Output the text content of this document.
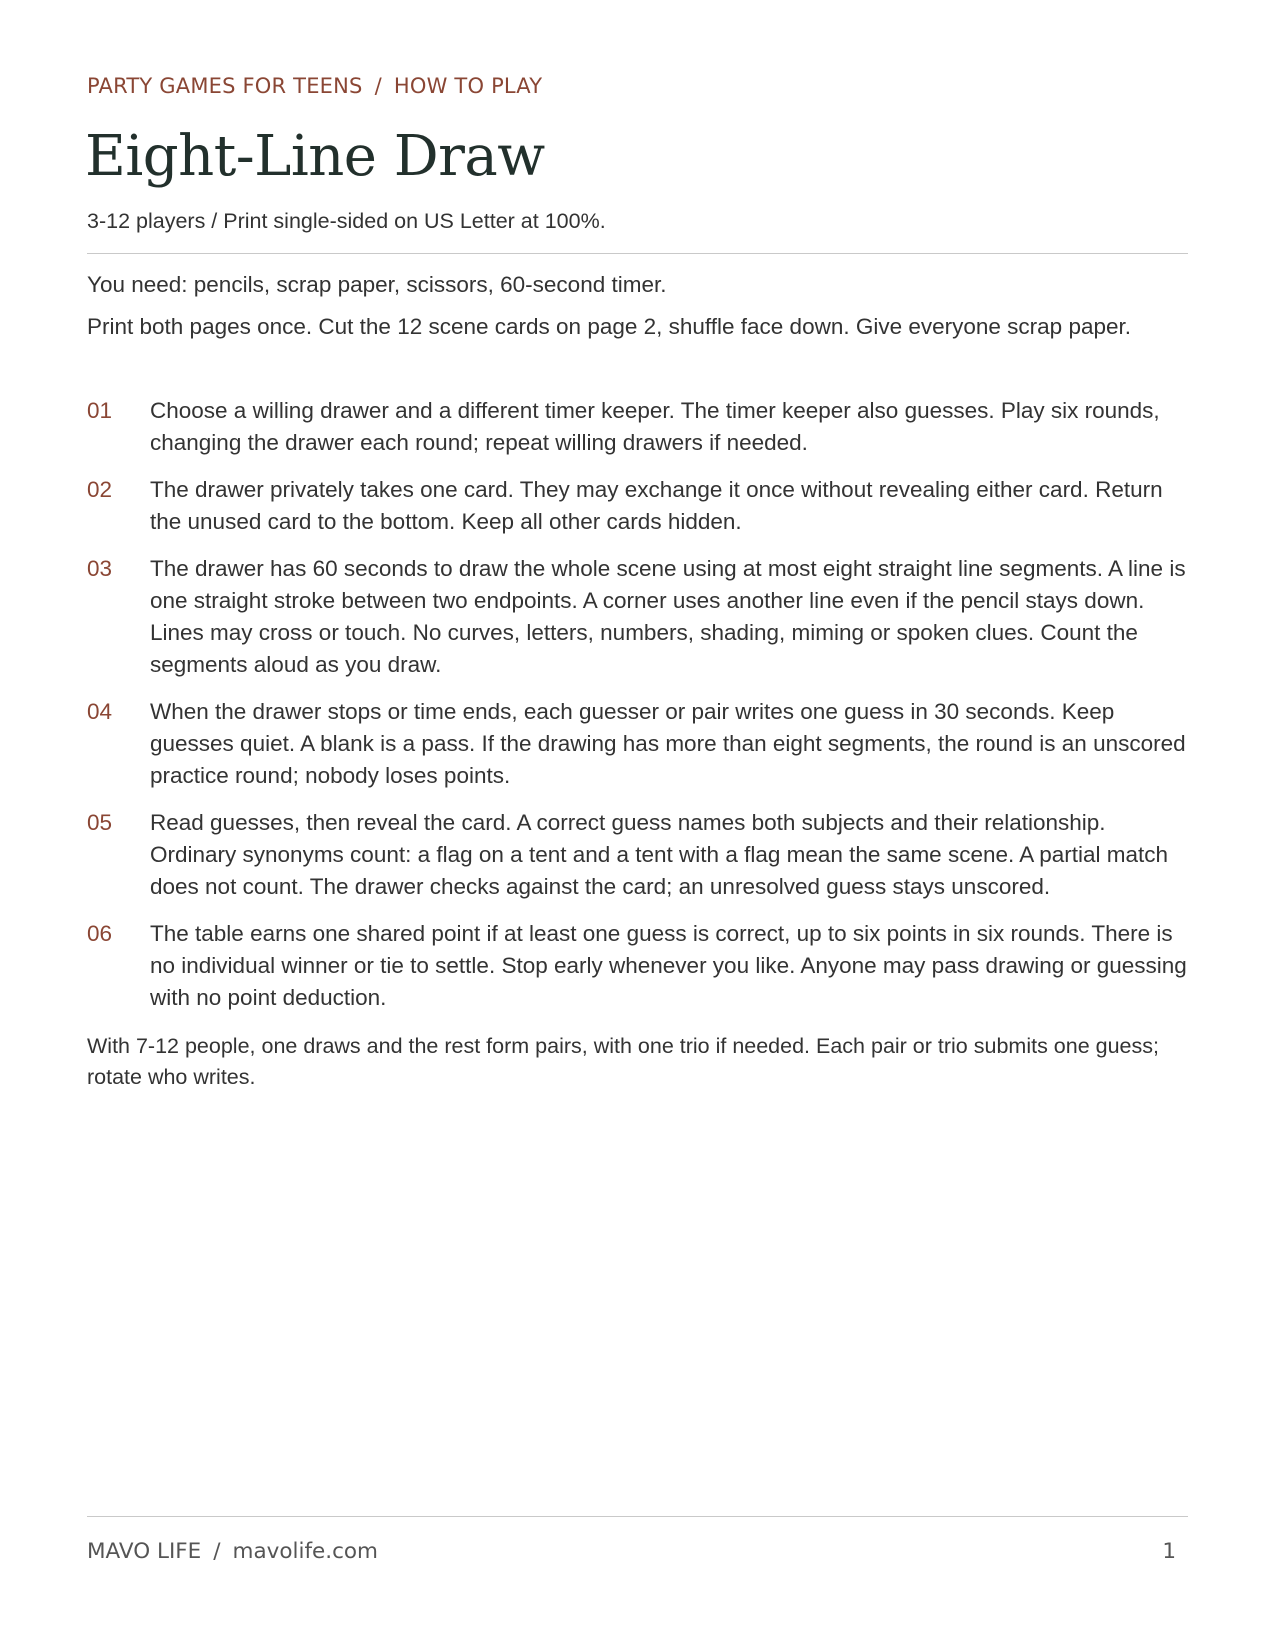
PARTY GAMES FOR TEENS / HOW TO PLAY
Eight-Line Draw
3-12 players / Print single-sided on US Letter at 100%.

You need: pencils, scrap paper, scissors, 60-second timer.

Print both pages once. Cut the 12 scene cards on page 2, shuffle face down. Give everyone scrap paper.

01	Choose a willing drawer and a different timer keeper. The timer keeper also guesses. Play six rounds, changing the drawer each round; repeat willing drawers if needed.
02	The drawer privately takes one card. They may exchange it once without revealing either card. Return the unused card to the bottom. Keep all other cards hidden.
03	The drawer has 60 seconds to draw the whole scene using at most eight straight line segments. A line is one straight stroke between two endpoints. A corner uses another line even if the pencil stays down. Lines may cross or touch. No curves, letters, numbers, shading, miming or spoken clues. Count the segments aloud as you draw.
04	When the drawer stops or time ends, each guesser or pair writes one guess in 30 seconds. Keep guesses quiet. A blank is a pass. If the drawing has more than eight segments, the round is an unscored practice round; nobody loses points.
05	Read guesses, then reveal the card. A correct guess names both subjects and their relationship. Ordinary synonyms count: a flag on a tent and a tent with a flag mean the same scene. A partial match does not count. The drawer checks against the card; an unresolved guess stays unscored.
06	The table earns one shared point if at least one guess is correct, up to six points in six rounds. There is no individual winner or tie to settle. Stop early whenever you like. Anyone may pass drawing or guessing with no point deduction.

With 7-12 people, one draws and the rest form pairs, with one trio if needed. Each pair or trio submits one guess; rotate who writes.

MAVO LIFE / mavolife.com	1
